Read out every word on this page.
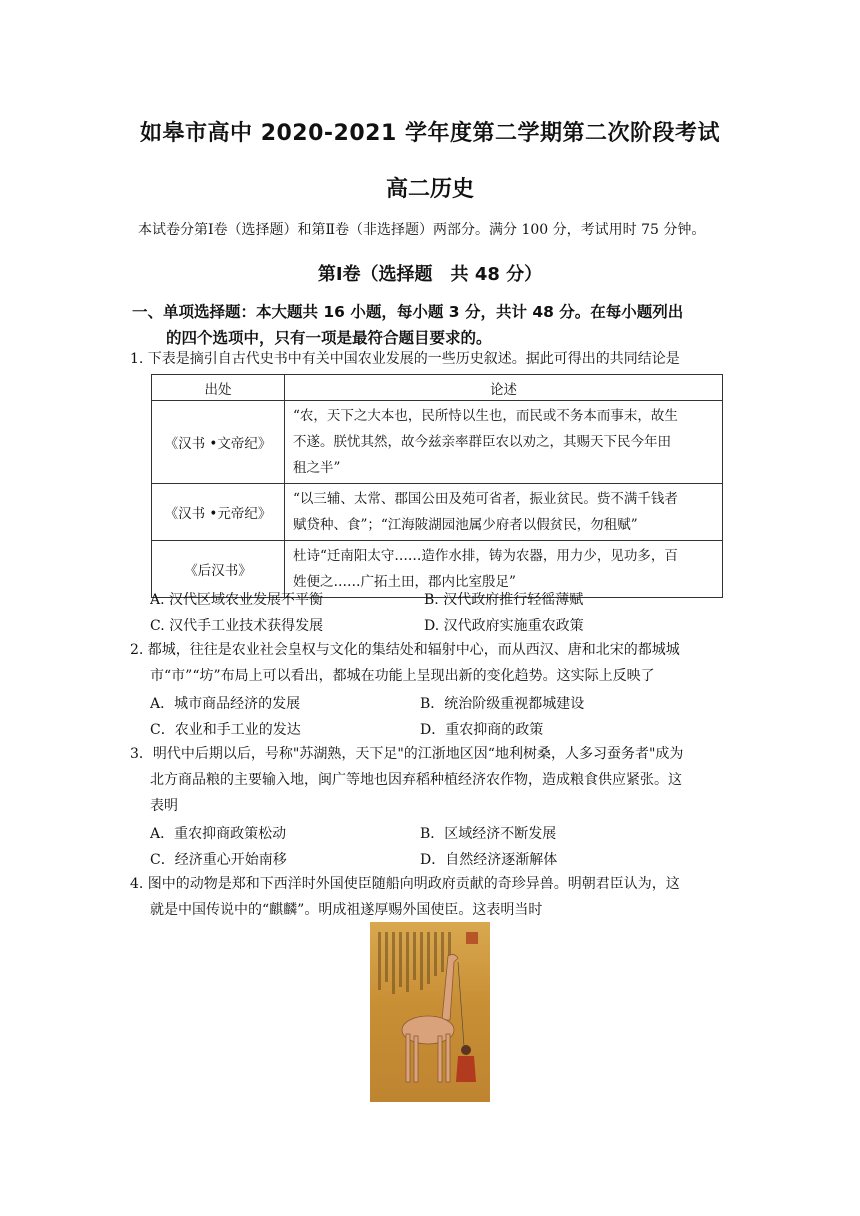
如皋市高中 2020-2021 学年度第二学期第二次阶段考试
高二历史
本试卷分第Ⅰ卷（选择题）和第Ⅱ卷（非选择题）两部分。满分 100 分，考试用时 75 分钟。
第Ⅰ卷（选择题　共 48 分）
一、单项选择题：本大题共 16 小题，每小题 3 分，共计 48 分。在每小题列出
的四个选项中，只有一项是最符合题目要求的。
1. 下表是摘引自古代史书中有关中国农业发展的一些历史叙述。据此可得出的共同结论是
出处	论述
《汉书 •文帝纪》	“农，天下之大本也，民所恃以生也，而民或不务本而事末，故生
不遂。朕忧其然，故今兹亲率群臣农以劝之，其赐天下民今年田
租之半”

《汉书 •元帝纪》	“以三辅、太常、郡国公田及苑可省者，振业贫民。赀不满千钱者
赋贷种、食”；“江海陂湖园池属少府者以假贫民，勿租赋”

《后汉书》	杜诗“迁南阳太守……造作水排，铸为农器，用力少，见功多，百
姓便之……广拓土田，郡内比室殷足”
A. 汉代区域农业发展不平衡	B. 汉代政府推行轻徭薄赋
C. 汉代手工业技术获得发展	D. 汉代政府实施重农政策
2. 都城，往往是农业社会皇权与文化的集结处和辐射中心，而从西汉、唐和北宋的都城城
市“市”“坊”布局上可以看出，都城在功能上呈现出新的变化趋势。这实际上反映了
A．城市商品经济的发展	B．统治阶级重视都城建设
C．农业和手工业的发达	D．重农抑商的政策
3．明代中后期以后，号称"苏湖熟，天下足"的江浙地区因“地利树桑，人多习蚕务者"成为
北方商品粮的主要输入地，闽广等地也因弃稻种植经济农作物，造成粮食供应紧张。这
表明
A．重农抑商政策松动	B．区域经济不断发展
C．经济重心开始南移	D．自然经济逐渐解体
4. 图中的动物是郑和下西洋时外国使臣随船向明政府贡献的奇珍异兽。明朝君臣认为，这
就是中国传说中的“麒麟”。明成祖遂厚赐外国使臣。这表明当时
